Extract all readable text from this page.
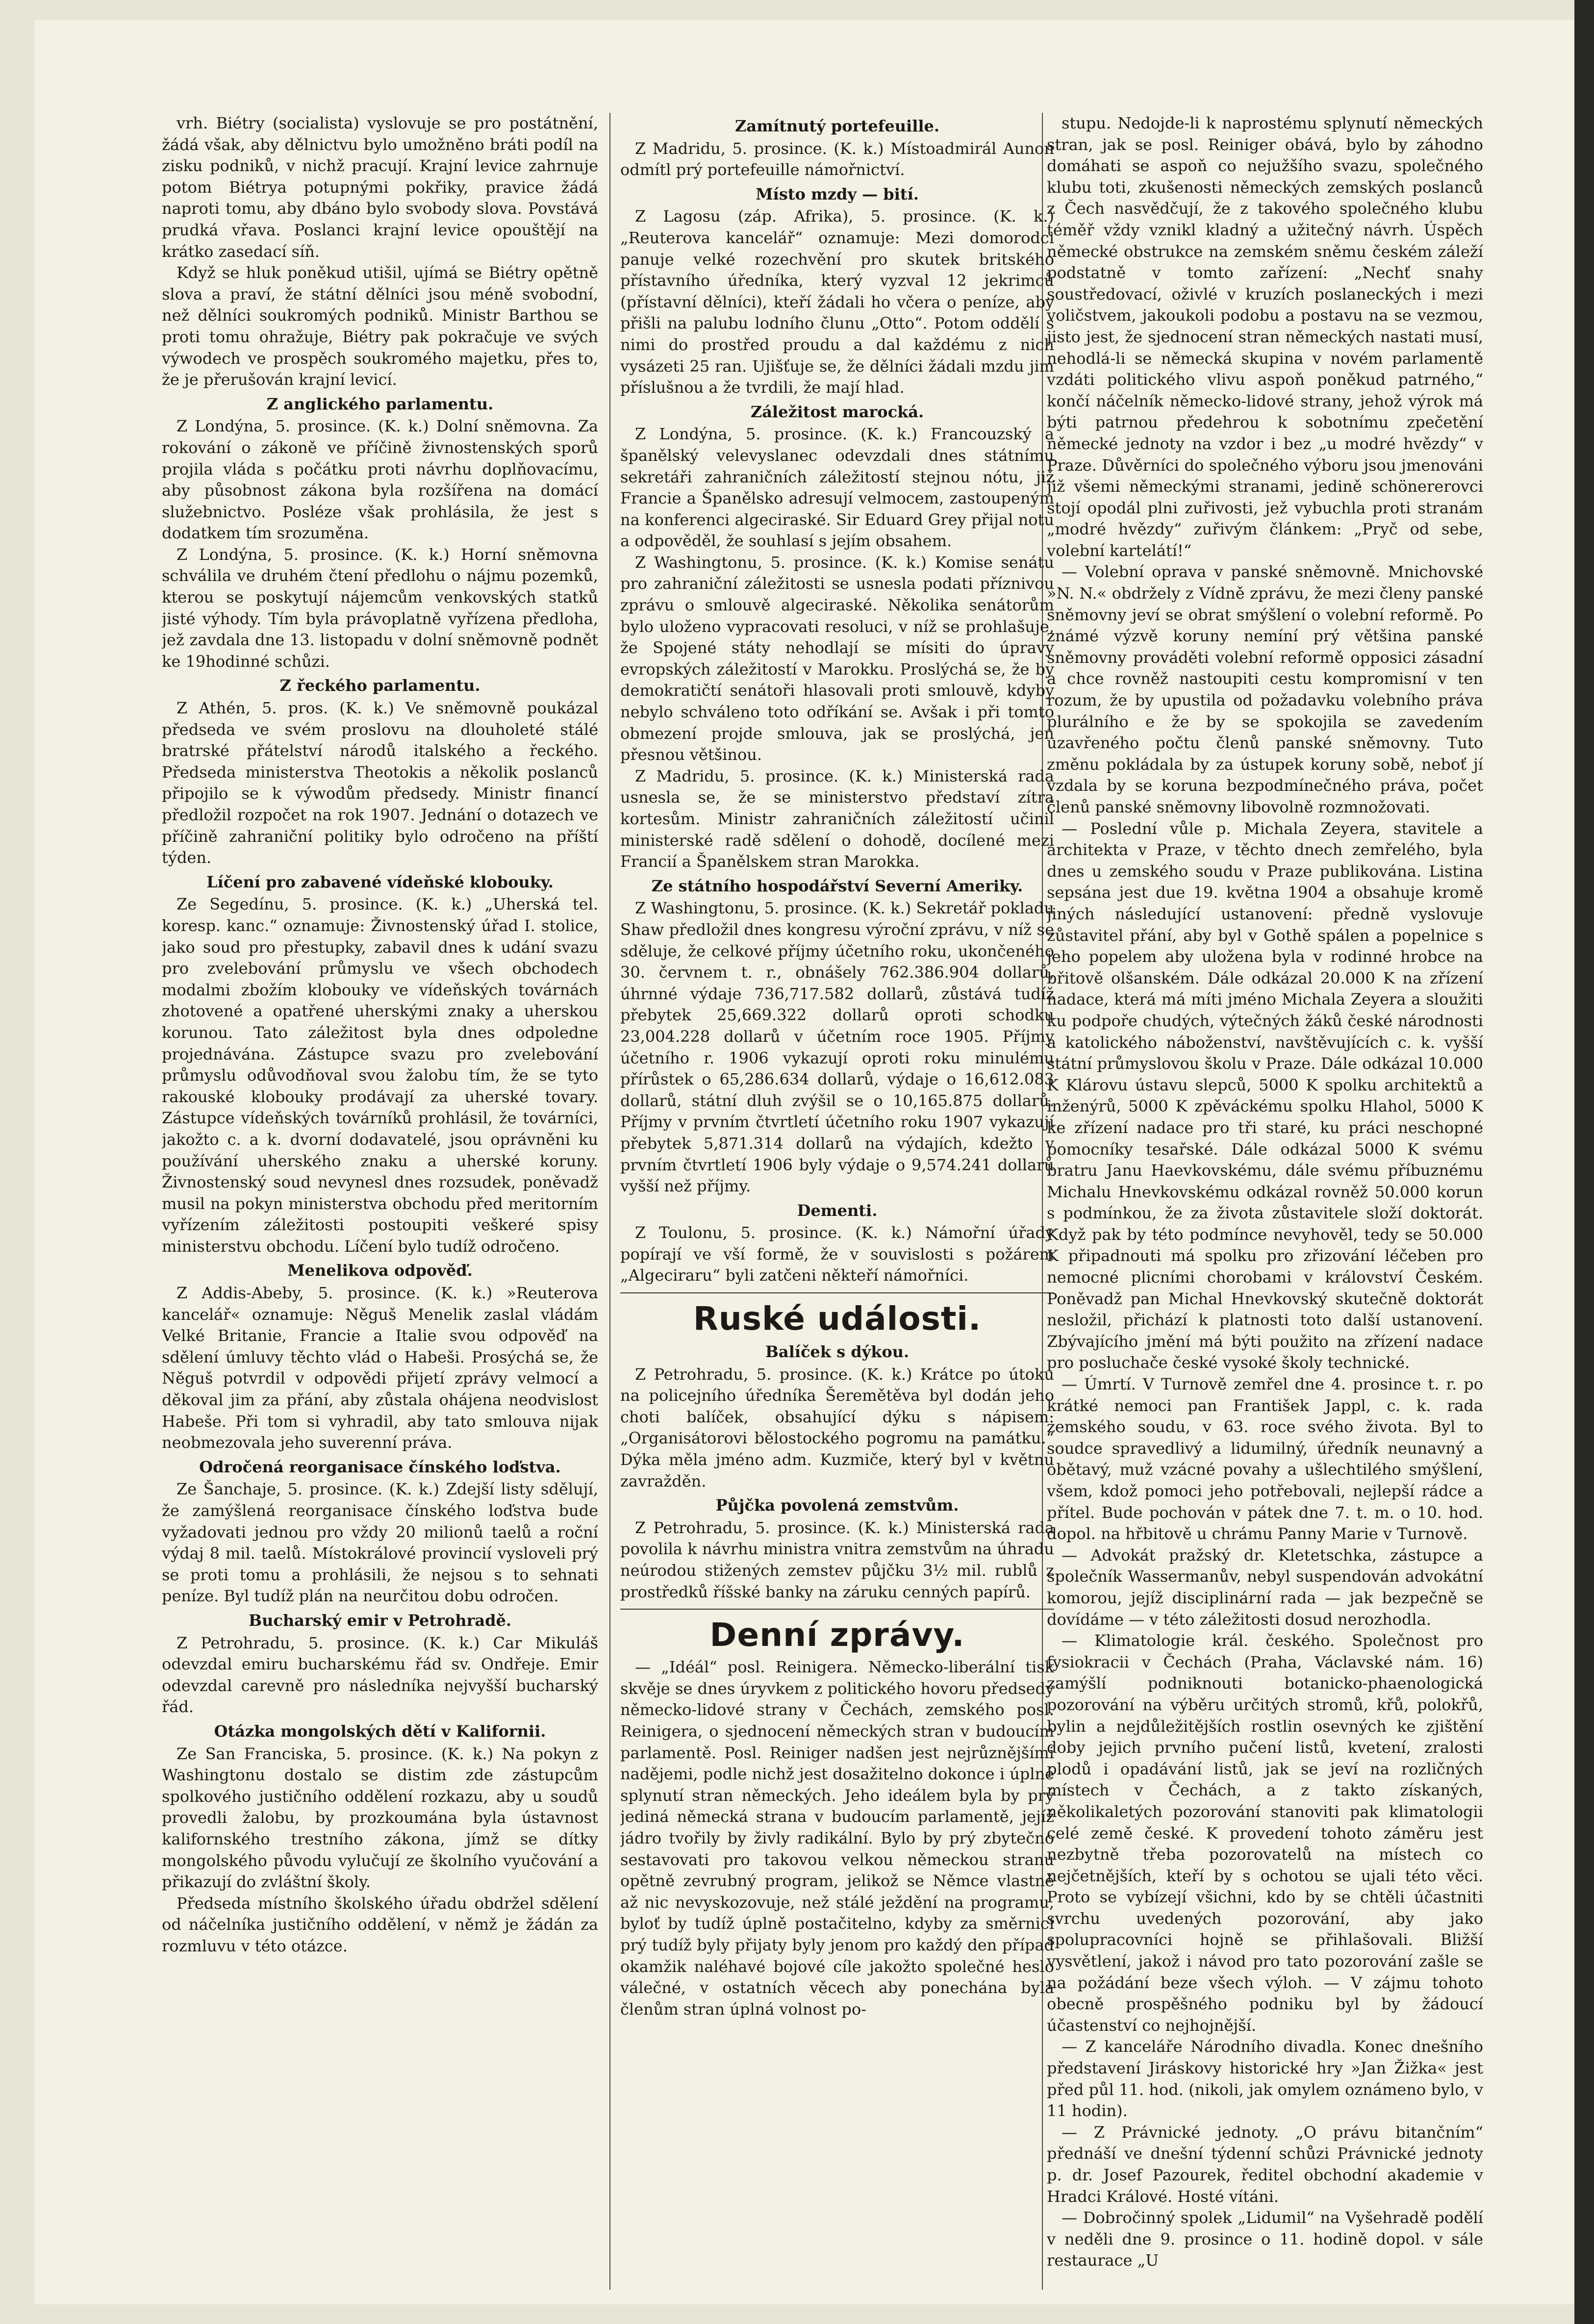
vrh. Biétry (socialista) vyslovuje se pro postátnění, žádá však, aby dělnictvu bylo umožněno bráti podíl na zisku podniků, v nichž pracují. Krajní levice zahrnuje potom Biétrya potupnými pokřiky, pravice žádá naproti tomu, aby dbáno bylo svobody slova. Povstává prudká vřava. Poslanci krajní levice opouštějí na krátko zasedací síň.

Když se hluk poněkud utišil, ujímá se Biétry opětně slova a praví, že státní dělníci jsou méně svobodní, než dělníci soukromých podniků. Ministr Barthou se proti tomu ohražuje, Biétry pak pokračuje ve svých výwodech ve prospěch soukromého majetku, přes to, že je přerušován krajní levicí.

Z anglického parlamentu.

Z Londýna, 5. prosince. (K. k.) Dolní sněmovna. Za rokování o zákoně ve příčině živnostenských sporů projila vláda s počátku proti návrhu doplňovacímu, aby působnost zákona byla rozšířena na domácí služebnictvo. Posléze však prohlásila, že jest s dodatkem tím srozuměna.

Z Londýna, 5. prosince. (K. k.) Horní sněmovna schválila ve druhém čtení předlohu o nájmu pozemků, kterou se poskytují nájemcům venkovských statků jisté výhody. Tím byla právoplatně vyřízena předloha, jež zavdala dne 13. listopadu v dolní sněmovně podnět ke 19hodinné schůzi.

Z řeckého parlamentu.

Z Athén, 5. pros. (K. k.) Ve sněmovně poukázal předseda ve svém proslovu na dlouholeté stálé bratrské přátelství národů italského a řeckého. Předseda ministerstva Theotokis a několik poslanců připojilo se k výwodům předsedy. Ministr financí předložil rozpočet na rok 1907. Jednání o dotazech ve příčině zahraniční politiky bylo odročeno na příští týden.

Líčení pro zabavené vídeňské klobouky.

Ze Segedínu, 5. prosince. (K. k.) „Uherská tel. koresp. kanc.“ oznamuje: Živnostenský úřad I. stolice, jako soud pro přestupky, zabavil dnes k udání svazu pro zvelebování průmyslu ve všech obchodech modalmi zbožím klobouky ve vídeňských továrnách zhotovené a opatřené uherskými znaky a uherskou korunou. Tato záležitost byla dnes odpoledne projednávána. Zástupce svazu pro zvelebování průmyslu odůvodňoval svou žalobu tím, že se tyto rakouské klobouky prodávají za uherské tovary. Zástupce vídeňských továrníků prohlásil, že továrníci, jakožto c. a k. dvorní dodavatelé, jsou oprávněni ku používání uherského znaku a uherské koruny. Živnostenský soud nevynesl dnes rozsudek, poněvadž musil na pokyn ministerstva obchodu před meritorním vyřízením záležitosti postoupiti veškeré spisy ministerstvu obchodu. Líčení bylo tudíž odročeno.

Menelikova odpověď.

Z Addis-Abeby, 5. prosince. (K. k.) »Reuterova kancelář« oznamuje: Něguš Menelik zaslal vládám Velké Britanie, Francie a Italie svou odpověď na sdělení úmluvy těchto vlád o Habeši. Prosýchá se, že Něguš potvrdil v odpovědi přijetí zprávy velmocí a děkoval jim za přání, aby zůstala ohájena neodvislost Habeše. Při tom si vyhradil, aby tato smlouva nijak neobmezovala jeho suverenní práva.

Odročená reorganisace čínského loďstva.

Ze Šanchaje, 5. prosince. (K. k.) Zdejší listy sdělují, že zamýšlená reorganisace čínského loďstva bude vyžadovati jednou pro vždy 20 milionů taelů a roční výdaj 8 mil. taelů. Místokrálové provincií vysloveli prý se proti tomu a prohlásili, že nejsou s to sehnati peníze. Byl tudíž plán na neurčitou dobu odročen.

Bucharský emir v Petrohradě.

Z Petrohradu, 5. prosince. (K. k.) Car Mikuláš odevzdal emiru bucharskému řád sv. Ondřeje. Emir odevzdal carevně pro následníka nejvyšší bucharský řád.

Otázka mongolských dětí v Kalifornii.

Ze San Franciska, 5. prosince. (K. k.) Na pokyn z Washingtonu dostalo se distim zde zástupcům spolkového justičního oddělení rozkazu, aby u soudů provedli žalobu, by prozkoumána byla ústavnost kalifornského trestního zákona, jímž se dítky mongolského původu vylučují ze školního vyučování a přikazují do zvláštní školy.

Předseda místního školského úřadu obdržel sdělení od náčelníka justičního oddělení, v němž je žádán za rozmluvu v této otázce.

Zamítnutý portefeuille.

Z Madridu, 5. prosince. (K. k.) Místoadmirál Aunon odmítl prý portefeuille námořnictví.

Místo mzdy — bití.

Z Lagosu (záp. Afrika), 5. prosince. (K. k.) „Reuterova kancelář“ oznamuje: Mezi domorodci panuje velké rozechvění pro skutek britského přístavního úředníka, který vyzval 12 jekrimců (přístavní dělníci), kteří žádali ho včera o peníze, aby přišli na palubu lodního člunu „Otto“. Potom oddělí s nimi do prostřed proudu a dal každému z nich vysázeti 25 ran. Ujišťuje se, že dělníci žádali mzdu jim příslušnou a že tvrdili, že mají hlad.

Záležitost marocká.

Z Londýna, 5. prosince. (K. k.) Francouzský a španělský velevyslanec odevzdali dnes státnímu sekretáři zahraničních záležitostí stejnou nótu, již Francie a Španělsko adresují velmocem, zastoupeným na konferenci algeciraské. Sir Eduard Grey přijal notu a odpověděl, že souhlasí s jejím obsahem.

Z Washingtonu, 5. prosince. (K. k.) Komise senátu pro zahraniční záležitosti se usnesla podati příznivou zprávu o smlouvě algeciraské. Několika senátorům bylo uloženo vypracovati resoluci, v níž se prohlašuje, že Spojené státy nehodlají se mísiti do úpravy evropských záležitostí v Marokku. Proslýchá se, že by demokratičtí senátoři hlasovali proti smlouvě, kdyby nebylo schváleno toto odříkání se. Avšak i při tomto obmezení projde smlouva, jak se proslýchá, jen přesnou většinou.

Z Madridu, 5. prosince. (K. k.) Ministerská rada usnesla se, že se ministerstvo představí zítra kortesům. Ministr zahraničních záležitostí učinil ministerské radě sdělení o dohodě, docílené mezi Francií a Španělskem stran Marokka.

Ze státního hospodářství Severní Ameriky.

Z Washingtonu, 5. prosince. (K. k.) Sekretář pokladu Shaw předložil dnes kongresu výroční zprávu, v níž se sděluje, že celkové příjmy účetního roku, ukončeného 30. červnem t. r., obnášely 762.386.904 dollarů, úhrnné výdaje 736,717.582 dollarů, zůstává tudíž přebytek 25,669.322 dollarů oproti schodku 23,004.228 dollarů v účetním roce 1905. Příjmy účetního r. 1906 vykazují oproti roku minulému přírůstek o 65,286.634 dollarů, výdaje o 16,612.083 dollarů, státní dluh zvýšil se o 10,165.875 dollarů. Příjmy v prvním čtvrtletí účetního roku 1907 vykazují přebytek 5,871.314 dollarů na výdajích, kdežto v prvním čtvrtletí 1906 byly výdaje o 9,574.241 dollarů vyšší než příjmy.

Dementi.

Z Toulonu, 5. prosince. (K. k.) Námořní úřady popírají ve vší formě, že v souvislosti s požárem „Algeciraru“ byli zatčeni někteří námořníci.

Ruské události.
Balíček s dýkou.

Z Petrohradu, 5. prosince. (K. k.) Krátce po útoku na policejního úředníka Šeremětěva byl dodán jeho choti balíček, obsahující dýku s nápisem: „Organisátorovi bělostockého pogromu na památku.“ Dýka měla jméno adm. Kuzmiče, který byl v květnu zavražděn.

Půjčka povolená zemstvům.

Z Petrohradu, 5. prosince. (K. k.) Ministerská rada povolila k návrhu ministra vnitra zemstvům na úhradu neúrodou stižených zemstev půjčku 3½ mil. rublů z prostředků říšské banky na záruku cenných papírů.

Denní zprávy.

— „Idéál“ posl. Reinigera. Německo-liberální tisk skvěje se dnes úryvkem z politického hovoru předsedy německo-lidové strany v Čechách, zemského posl. Reinigera, o sjednocení německých stran v budoucím parlamentě. Posl. Reiniger nadšen jest nejrůznějšími nadějemi, podle nichž jest dosažitelno dokonce i úplné splynutí stran německých. Jeho ideálem byla by prý jediná německá strana v budoucím parlamentě, jejíž jádro tvořily by živly radikální. Bylo by prý zbytečno sestavovati pro takovou velkou německou stranu opětně zevrubný program, jelikož se Němce vlastně až nic nevyskozovuje, než stálé ježdění na programu, byloť by tudíž úplně postačitelno, kdyby za směrnici prý tudíž byly přijaty byly jenom pro každý den případ okamžik naléhavé bojové cíle jakožto společné heslo válečné, v ostatních věcech aby ponechána byla členům stran úplná volnost po-

stupu. Nedojde-li k naprostému splynutí německých stran, jak se posl. Reiniger obává, bylo by záhodno domáhati se aspoň co nejužšího svazu, společného klubu toti, zkušenosti německých zemských poslanců z Čech nasvědčují, že z takového společného klubu téměř vždy vznikl kladný a užitečný návrh. Úspěch německé obstrukce na zemském sněmu českém záleží podstatně v tomto zařízení: „Nechť snahy soustředovací, oživlé v kruzích poslaneckých i mezi voličstvem, jakoukoli podobu a postavu na se vezmou, jisto jest, že sjednocení stran německých nastati musí, nehodlá-li se německá skupina v novém parlamentě vzdáti politického vlivu aspoň poněkud patrného,“ končí náčelník německo-lidové strany, jehož výrok má býti patrnou předehrou k sobotnímu zpečetění německé jednoty na vzdor i bez „u modré hvězdy“ v Praze. Důvěrníci do společného výboru jsou jmenováni již všemi německými stranami, jedině schönererovci stojí opodál plni zuřivosti, jež vybuchla proti stranám „modré hvězdy“ zuřivým článkem: „Pryč od sebe, volební kartelátí!“

— Volební oprava v panské sněmovně. Mnichovské »N. N.« obdržely z Vídně zprávu, že mezi členy panské sněmovny jeví se obrat smýšlení o volební reformě. Po známé výzvě koruny nemíní prý většina panské sněmovny prováděti volební reformě opposici zásadní a chce rovněž nastoupiti cestu kompromisní v ten rozum, že by upustila od požadavku volebního práva plurálního e že by se spokojila se zavedením uzavřeného počtu členů panské sněmovny. Tuto změnu pokládala by za ústupek koruny sobě, neboť jí vzdala by se koruna bezpodmínečného práva, počet členů panské sněmovny libovolně rozmnožovati.

— Poslední vůle p. Michala Zeyera, stavitele a architekta v Praze, v těchto dnech zemřelého, byla dnes u zemského soudu v Praze publikována. Listina sepsána jest due 19. května 1904 a obsahuje kromě jiných následující ustanovení: předně vyslovuje zůstavitel přání, aby byl v Gothě spálen a popelnice s jeho popelem aby uložena byla v rodinné hrobce na břitově olšanském. Dále odkázal 20.000 K na zřízení nadace, která má míti jméno Michala Zeyera a sloužiti ku podpoře chudých, výtečných žáků české národnosti a katolického náboženství, navštěvujících c. k. vyšší státní průmyslovou školu v Praze. Dále odkázal 10.000 K Klárovu ústavu slepců, 5000 K spolku architektů a inženýrů, 5000 K zpěváckému spolku Hlahol, 5000 K ke zřízení nadace pro tři staré, ku práci neschopné pomocníky tesařské. Dále odkázal 5000 K svému bratru Janu Haevkovskému, dále svému příbuznému Michalu Hnevkovskému odkázal rovněž 50.000 korun s podmínkou, že za života zůstavitele složí doktorát. Když pak by této podmínce nevyhověl, tedy se 50.000 K připadnouti má spolku pro zřizování léčeben pro nemocné plicními chorobami v království Českém. Poněvadž pan Michal Hnevkovský skutečně doktorát nesložil, přichází k platnosti toto další ustanovení. Zbývajícího jmění má býti použito na zřízení nadace pro posluchače české vysoké školy technické.

— Úmrtí. V Turnově zemřel dne 4. prosince t. r. po krátké nemoci pan František Jappl, c. k. rada zemského soudu, v 63. roce svého života. Byl to soudce spravedlivý a lidumilný, úředník neunavný a obětavý, muž vzácné povahy a ušlechtilého smýšlení, všem, kdož pomoci jeho potřebovali, nejlepší rádce a přítel. Bude pochován v pátek dne 7. t. m. o 10. hod. dopol. na hřbitově u chrámu Panny Marie v Turnově.

— Advokát pražský dr. Kletetschka, zástupce a společník Wassermanův, nebyl suspendován advokátní komorou, jejíž disciplinární rada — jak bezpečně se dovídáme — v této záležitosti dosud nerozhodla.

— Klimatologie král. českého. Společnost pro fysiokracii v Čechách (Praha, Václavské nám. 16) zamýšlí podniknouti botanicko-phaenologická pozorování na výběru určitých stromů, křů, polokřů, bylin a nejdůležitějších rostlin osevných ke zjištění doby jejich prvního pučení listů, kvetení, zralosti plodů i opadávání listů, jak se jeví na rozličných místech v Čechách, a z takto získaných, několikaletých pozorování stanoviti pak klimatologii celé země české. K provedení tohoto záměru jest nezbytně třeba pozorovatelů na místech co nejčetnějších, kteří by s ochotou se ujali této věci. Proto se vybízejí všichni, kdo by se chtěli účastniti svrchu uvedených pozorování, aby jako spolupracovníci hojně se přihlašovali. Bližší vysvětlení, jakož i návod pro tato pozorování zašle se na požádání beze všech výloh. — V zájmu tohoto obecně prospěšného podniku byl by žádoucí účastenství co nejhojnější.

— Z kanceláře Národního divadla. Konec dnešního představení Jiráskovy historické hry »Jan Žižka« jest před půl 11. hod. (nikoli, jak omylem oznámeno bylo, v 11 hodin).

— Z Právnické jednoty. „O právu bitančním“ přednáší ve dnešní týdenní schůzi Právnické jednoty p. dr. Josef Pazourek, ředitel obchodní akademie v Hradci Králové. Hosté vítáni.

— Dobročinný spolek „Lidumil“ na Vyšehradě podělí v neděli dne 9. prosince o 11. hodině dopol. v sále restaurace „U
